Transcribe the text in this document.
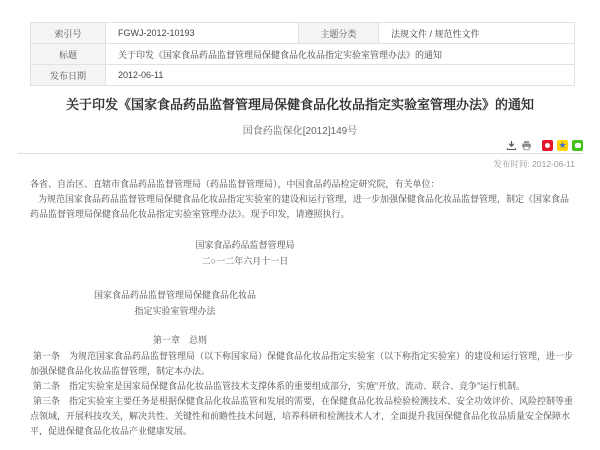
索引号	FGWJ-2012-10193	主题分类	法规文件 / 规范性文件
标题	关于印发《国家食品药品监督管理局保健食品化妆品指定实验室管理办法》的通知		
发布日期	2012-06-11		
关于印发《国家食品药品监督管理局保健食品化妆品指定实验室管理办法》的通知
国食药监保化[2012]149号
★
发布时间: 2012-06-11
各省、自治区、直辖市食品药品监督管理局（药品监督管理局），中国食品药品检定研究院，有关单位：
为规范国家食品药品监督管理局保健食品化妆品指定实验室的建设和运行管理，进一步加强保健食品化妆品监督管理，制定《国家食品药品监督管理局保健食品化妆品指定实验室管理办法》。现予印发，请遵照执行。
国家食品药品监督管理局
二○一二年六月十一日
国家食品药品监督管理局保健食品化妆品
指定实验室管理办法
第一章　总则

第一条　为规范国家食品药品监督管理局（以下称国家局）保健食品化妆品指定实验室（以下称指定实验室）的建设和运行管理，进一步加强保健食品化妆品监督管理，制定本办法。

第二条　指定实验室是国家局保健食品化妆品监管技术支撑体系的重要组成部分，实施“开放、流动、联合、竞争”运行机制。

第三条　指定实验室主要任务是根据保健食品化妆品监管和发展的需要，在保健食品化妆品检验检测技术、安全功效评价、风险控制等重点领域，开展科技攻关，解决共性、关键性和前瞻性技术问题，培养科研和检测技术人才，全面提升我国保健食品化妆品质量安全保障水平，促进保健食品化妆品产业健康发展。
